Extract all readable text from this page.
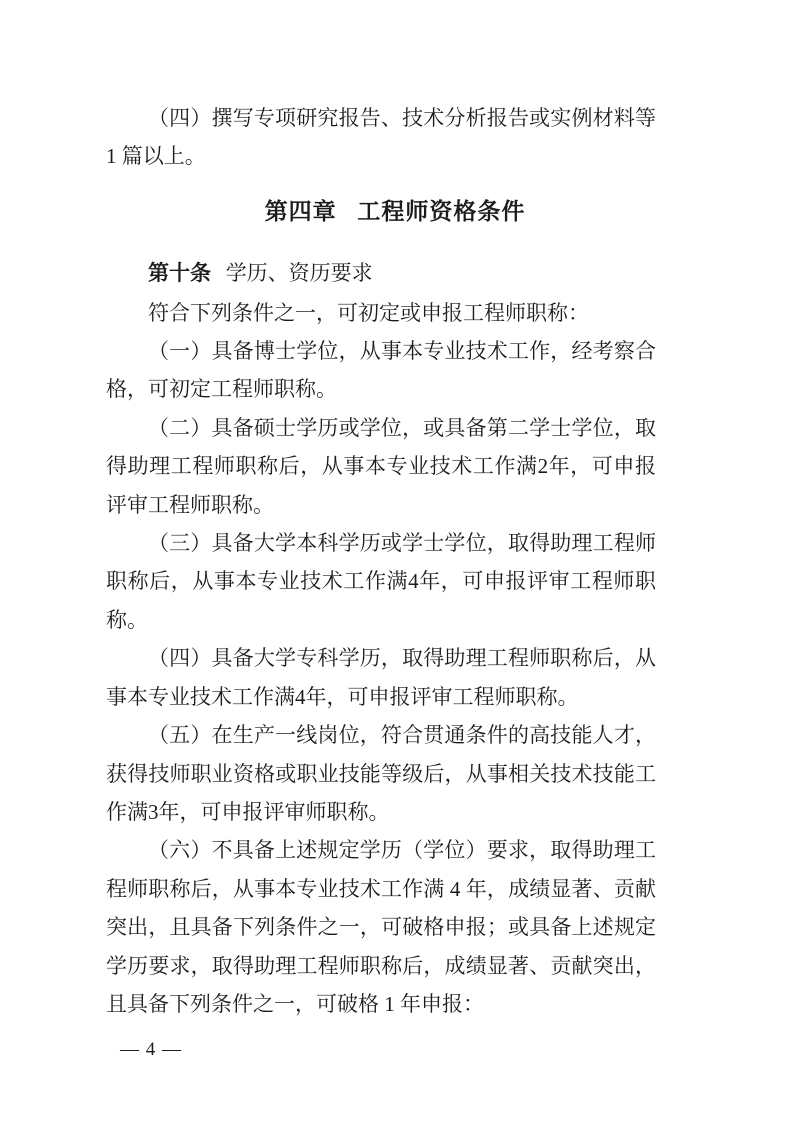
（四）撰写专项研究报告、技术分析报告或实例材料等1 篇以上。

第四章 工程师资格条件

第十条 学历、资历要求

符合下列条件之一，可初定或申报工程师职称：

（一）具备博士学位，从事本专业技术工作，经考察合格，可初定工程师职称。

（二）具备硕士学历或学位，或具备第二学士学位，取得助理工程师职称后，从事本专业技术工作满2年，可申报评审工程师职称。

（三）具备大学本科学历或学士学位，取得助理工程师职称后，从事本专业技术工作满4年，可申报评审工程师职称。

（四）具备大学专科学历，取得助理工程师职称后，从事本专业技术工作满4年，可申报评审工程师职称。

（五）在生产一线岗位，符合贯通条件的高技能人才，获得技师职业资格或职业技能等级后，从事相关技术技能工作满3年，可申报评审师职称。

（六）不具备上述规定学历（学位）要求，取得助理工程师职称后，从事本专业技术工作满 4 年，成绩显著、贡献突出，且具备下列条件之一，可破格申报；或具备上述规定学历要求，取得助理工程师职称后，成绩显著、贡献突出，且具备下列条件之一，可破格 1 年申报：

— 4 —
